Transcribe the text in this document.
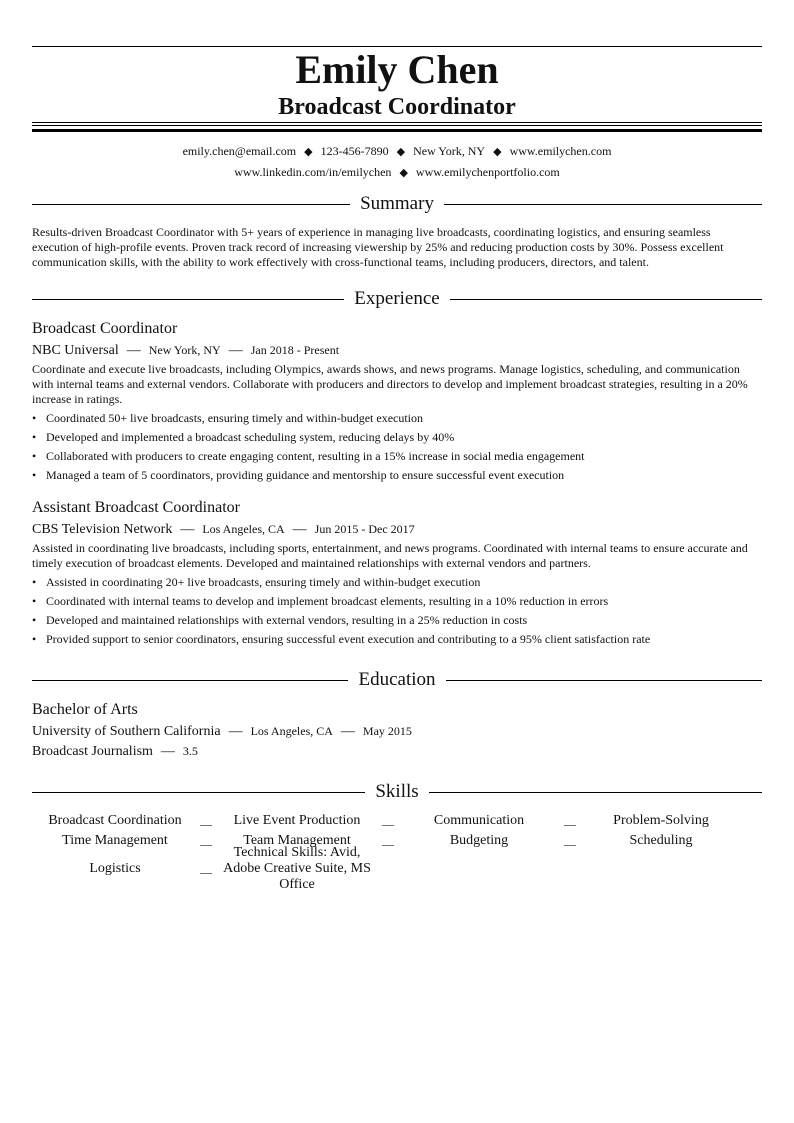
Emily Chen
Broadcast Coordinator
emily.chen@email.com ◆ 123-456-7890 ◆ New York, NY ◆ www.emilychen.com
www.linkedin.com/in/emilychen ◆ www.emilychenportfolio.com
Summary
Results-driven Broadcast Coordinator with 5+ years of experience in managing live broadcasts, coordinating logistics, and ensuring seamless execution of high-profile events. Proven track record of increasing viewership by 25% and reducing production costs by 30%. Possess excellent communication skills, with the ability to work effectively with cross-functional teams, including producers, directors, and talent.
Experience
Broadcast Coordinator
NBC Universal — New York, NY — Jan 2018 - Present
Coordinate and execute live broadcasts, including Olympics, awards shows, and news programs. Manage logistics, scheduling, and communication with internal teams and external vendors. Collaborate with producers and directors to develop and implement broadcast strategies, resulting in a 20% increase in ratings.
• Coordinated 50+ live broadcasts, ensuring timely and within-budget execution
• Developed and implemented a broadcast scheduling system, reducing delays by 40%
• Collaborated with producers to create engaging content, resulting in a 15% increase in social media engagement
• Managed a team of 5 coordinators, providing guidance and mentorship to ensure successful event execution
Assistant Broadcast Coordinator
CBS Television Network — Los Angeles, CA — Jun 2015 - Dec 2017
Assisted in coordinating live broadcasts, including sports, entertainment, and news programs. Coordinated with internal teams to ensure accurate and timely execution of broadcast elements. Developed and maintained relationships with external vendors and partners.
• Assisted in coordinating 20+ live broadcasts, ensuring timely and within-budget execution
• Coordinated with internal teams to develop and implement broadcast elements, resulting in a 10% reduction in errors
• Developed and maintained relationships with external vendors, resulting in a 25% reduction in costs
• Provided support to senior coordinators, ensuring successful event execution and contributing to a 95% client satisfaction rate
Education
Bachelor of Arts
University of Southern California — Los Angeles, CA — May 2015
Broadcast Journalism — 3.5
Skills
Broadcast Coordination	—	Live Event Production	—	Communication	—	Problem-Solving
Time Management	—	Team Management	—	Budgeting	—	Scheduling
Logistics	—
Technical Skills: Avid, Adobe Creative Suite, MS Office
